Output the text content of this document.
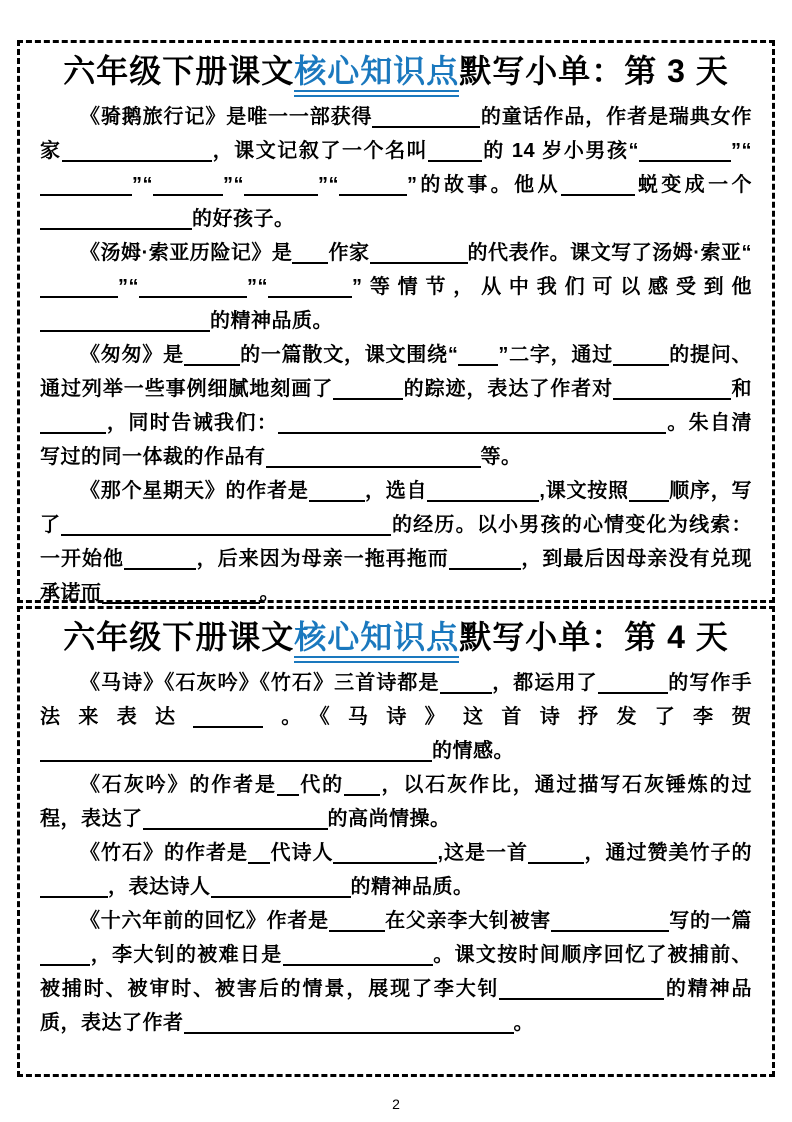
六年级下册课文核心知识点默写小单：第 3 天

《骑鹅旅行记》是唯一一部获得	的童话作品，作者是瑞典女作家	，课文记叙了一个名叫	的 14 岁小男孩“	”“”“	”“	”“	”的故事。他从	蜕变成一个的好孩子。

《汤姆·索亚历险记》是 作家	的代表作。课文写了汤姆·索亚“”“	”“	”等情节，从中我们可以感受到他的精神品质。

《匆匆》是	的一篇散文，课文围绕“ ”二字，通过	的提问、通过列举一些事例细腻地刻画了	的踪迹，表达了作者对	和，同时告诫我们：	。朱自清写过的同一体裁的作品有	等。

《那个星期天》的作者是	，选自	,课文按照 顺序，写了	的经历。以小男孩的心情变化为线索：一开始他	，后来因为母亲一拖再拖而	，到最后因母亲没有兑现承诺而	。

六年级下册课文核心知识点默写小单：第 4 天

《马诗》《石灰吟》《竹石》三首诗都是	，都运用了	的写作手法来表达	。《马诗》这首诗抒发了李贺的情感。

《石灰吟》的作者是 代的 ，以石灰作比，通过描写石灰锤炼的过程，表达了	的高尚情操。

《竹石》的作者是 代诗人	,这是一首	，通过赞美竹子的，表达诗人	的精神品质。

《十六年前的回忆》作者是	在父亲李大钊被害	写的一篇，李大钊的被难日是	。课文按时间顺序回忆了被捕前、被捕时、被审时、被害后的情景，展现了李大钊	的精神品质，表达了作者	。

2
